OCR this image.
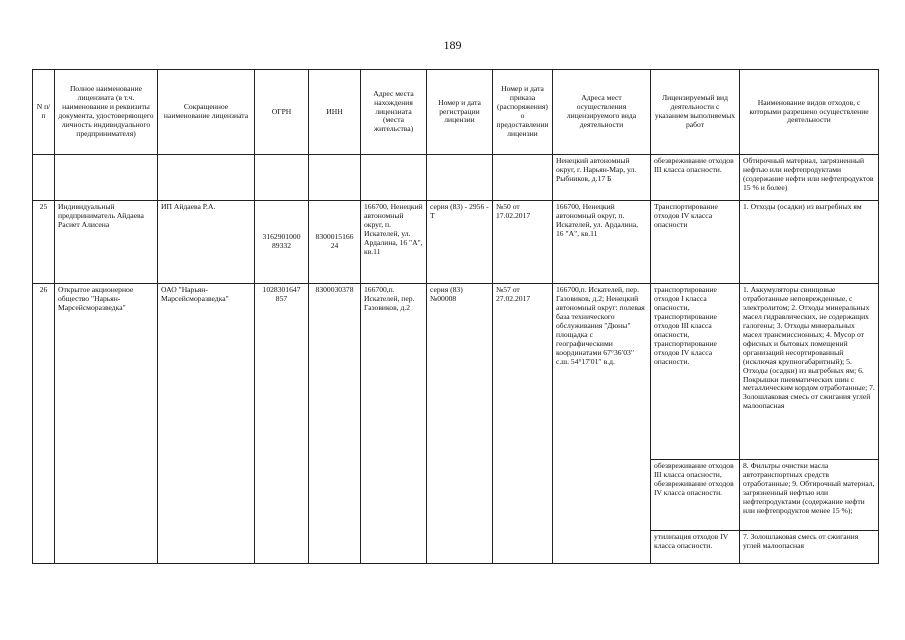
189
N п/п	Полное наименование лицензиата (в т.ч. наименование и реквизиты документа, удостоверяющего личность индивидуального предпринимателя)	Сокращенное наименование лицензиата	ОГРН	ИНН	Адрес места нахождения лицензиата (места жительства)	Номер и дата регистрации лицензии	Номер и дата приказа (распоряжения) о предоставлении лицензии	Адреса мест осуществления лицензируемого вида деятельности	Лицензируемый вид деятельности с указанием выполняемых работ	Наименование видов отходов, с которыми разрешено осуществление деятельности
								Ненецкий автономный округ, г. Нарьян-Мар, ул. Рыбников, д.17 Б	обезвреживание отходов III класса опасности.	Обтирочный материал, загрязненный нефтью или нефтепродуктами (содержание нефти или нефтепродуктов 15 % и более)
25	Индивидуальный предприниматель Айдаева Расиет Алисена	ИП Айдаева Р.А.	3162901000 89332	8300015166 24	166700, Ненецкий автономный округ, п. Искателей, ул. Ардалина, 16 "А", кв.11	серия (83) - 2956 - Т	№50 от 17.02.2017	166700, Ненецкий автономный округ, п. Искателей, ул. Ардалина, 16 "А", кв.11	Транспортирование отходов IV класса опасности	1. Отходы (осадки) из выгребных ям
26	Открытое акционерное общество "Нарьян-Марсейсморазведка"	ОАО "Нарьян-Марсейсморазведка"	1028301647 857	8300030378	166700,п. Искателей, пер. Газовиков, д.2	серия (83) №00008	№57 от 27.02.2017	166700,п. Искателей, пер. Газовиков, д.2; Ненецкий автономный округ: полевая база технического обслуживания "Дюны" площадка с географическими координатами 67°36′03′′ с.ш. 54°17′01′′ в.д.	транспортирование отходов I класса опасности, транспортирование отходов III класса опасности, транспортирование отходов IV класса опасности.	1. Аккумуляторы свинцовые отработанные неповрежденные, с электролитом; 2. Отходы минеральных масел гидравлических, не содержащих галогены; 3. Отходы минеральных масел трансмиссионных; 4. Мусор от офисных и бытовых помещений организаций несортированный (исключая крупногабаритный); 5. Отходы (осадки) из выгребных ям; 6. Покрышки пневматических шин с металлическим кордом отработанные; 7. Золошлаковая смесь от сжигания углей малоопасная
									обезвреживание отходов III класса опасности, обезвреживание отходов IV класса опасности.	8. Фильтры очистки масла автотранспортных средств отработанные; 9. Обтирочный материал, загрязненный нефтью или нефтепродуктами (содержание нефти или нефтепродуктов менее 15 %);
									утилизация отходов IV класса опасности.	7. Золошлаковая смесь от сжигания углей малоопасная
